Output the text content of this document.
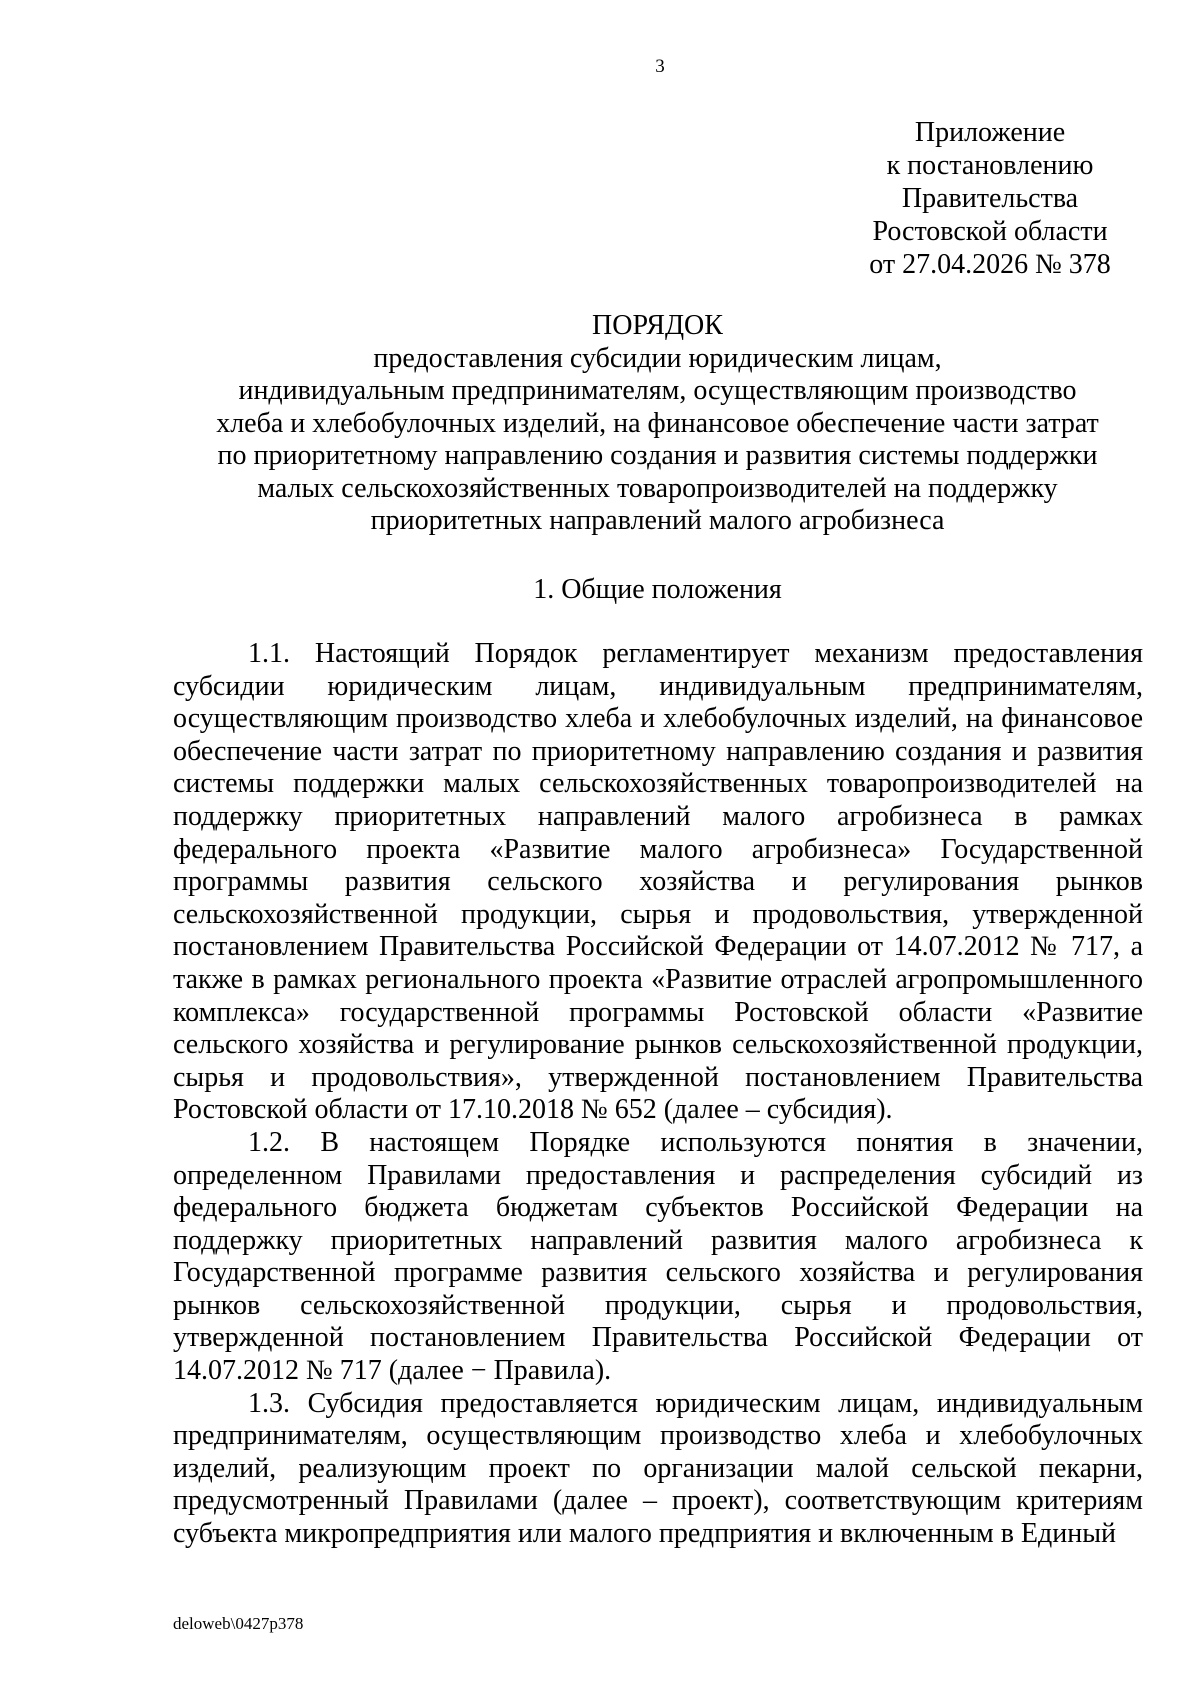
3
Приложение
к постановлению
Правительства
Ростовской области
от 27.04.2026 № 378
ПОРЯДОК
предоставления субсидии юридическим лицам,
индивидуальным предпринимателям, осуществляющим производство
хлеба и хлебобулочных изделий, на финансовое обеспечение части затрат
по приоритетному направлению создания и развития системы поддержки
малых сельскохозяйственных товаропроизводителей на поддержку
приоритетных направлений малого агробизнеса
1. Общие положения

1.1. Настоящий Порядок регламентирует механизм предоставления субсидии юридическим лицам, индивидуальным предпринимателям, осуществляющим производство хлеба и хлебобулочных изделий, на финансовое обеспечение части затрат по приоритетному направлению создания и развития системы поддержки малых сельскохозяйственных товаропроизводителей на поддержку приоритетных направлений малого агробизнеса в рамках федерального проекта «Развитие малого агробизнеса» Государственной программы развития сельского хозяйства и регулирования рынков сельскохозяйственной продукции, сырья и продовольствия, утвержденной постановлением Правительства Российской Федерации от 14.07.2012 № 717, а также в рамках регионального проекта «Развитие отраслей агропромышленного комплекса» государственной программы Ростовской области «Развитие сельского хозяйства и регулирование рынков сельскохозяйственной продукции, сырья и продовольствия», утвержденной постановлением Правительства Ростовской области от 17.10.2018 № 652 (далее – субсидия).

1.2. В настоящем Порядке используются понятия в значении, определенном Правилами предоставления и распределения субсидий из федерального бюджета бюджетам субъектов Российской Федерации на поддержку приоритетных направлений развития малого агробизнеса к Государственной программе развития сельского хозяйства и регулирования рынков сельскохозяйственной продукции, сырья и продовольствия, утвержденной постановлением Правительства Российской Федерации от 14.07.2012 № 717 (далее − Правила).

1.3. Субсидия предоставляется юридическим лицам, индивидуальным предпринимателям, осуществляющим производство хлеба и хлебобулочных изделий, реализующим проект по организации малой сельской пекарни, предусмотренный Правилами (далее – проект), соответствующим критериям субъекта микропредприятия или малого предприятия и включенным в Единый

deloweb\0427p378
